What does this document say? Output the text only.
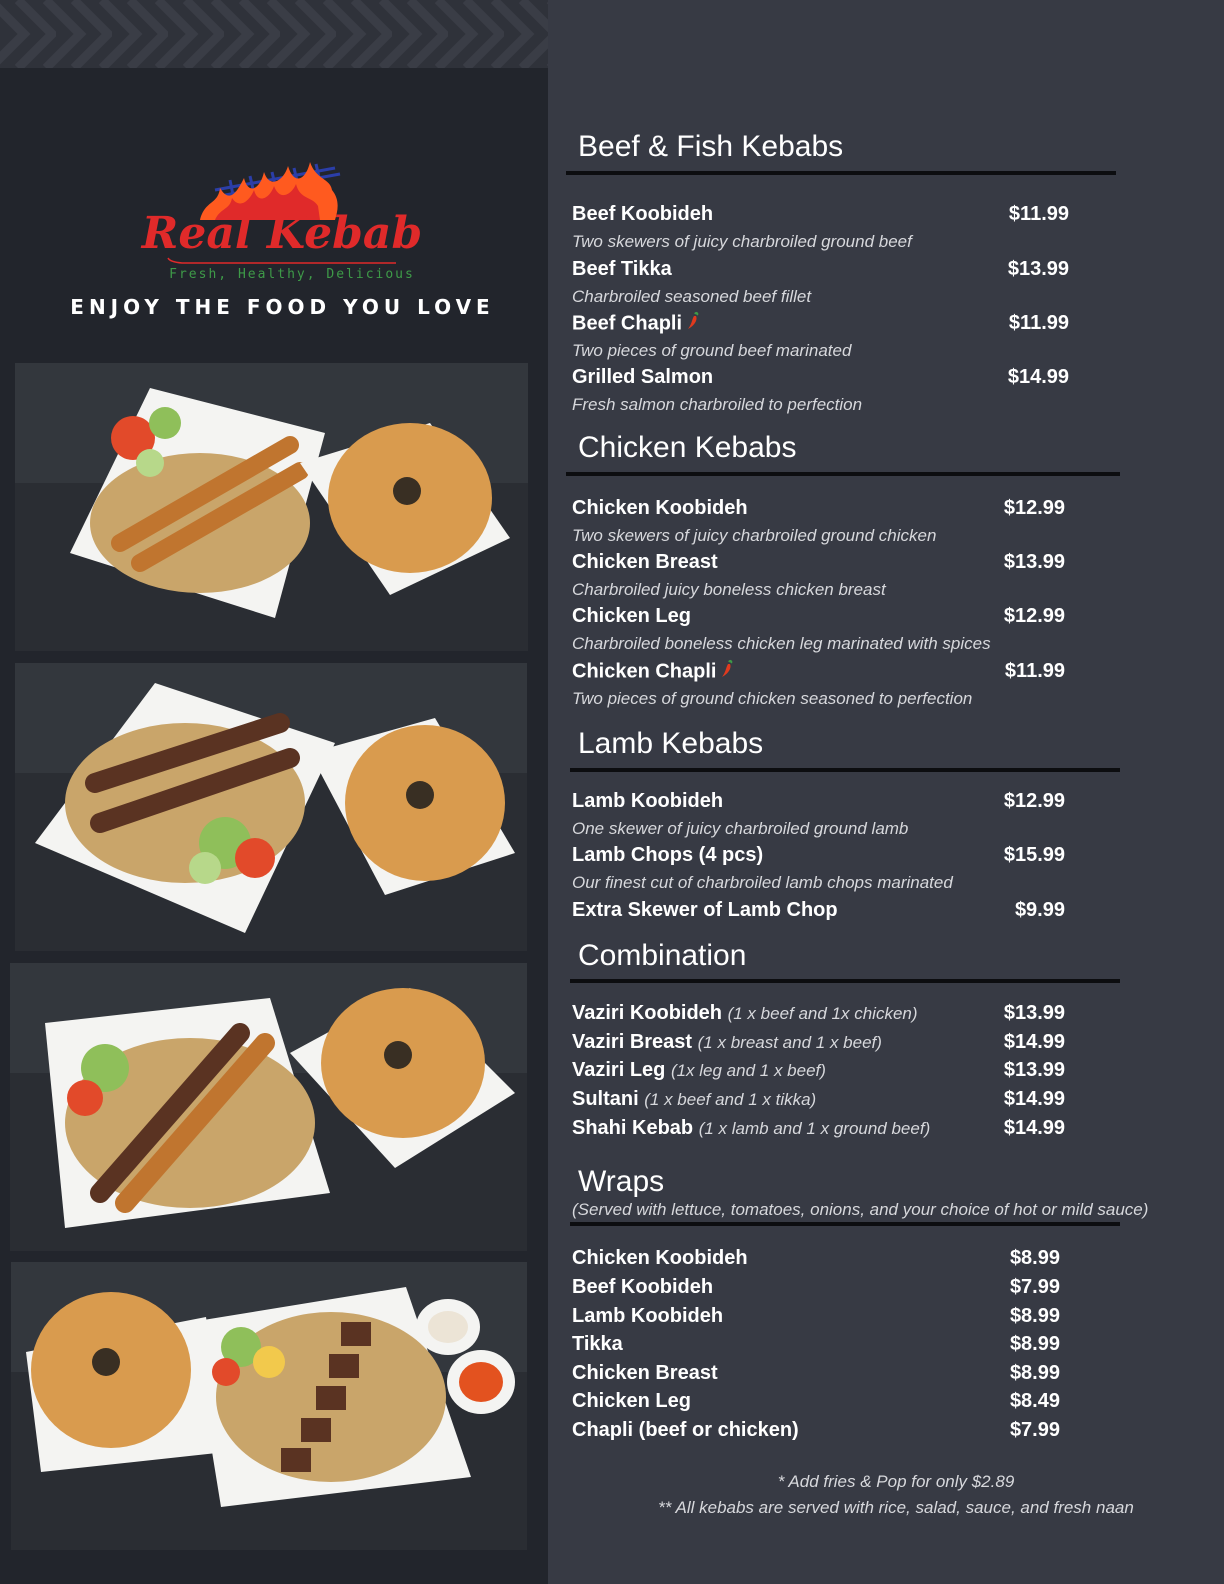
Real Kebab
Fresh, Healthy, Delicious
ENJOY THE FOOD YOU LOVE
Beef & Fish Kebabs
Beef Koobideh	$11.99
Two skewers of juicy charbroiled ground beef
Beef Tikka	$13.99
Charbroiled seasoned beef fillet
Beef Chapli	$11.99
Two pieces of ground beef marinated
Grilled Salmon	$14.99
Fresh salmon charbroiled to perfection
Chicken Kebabs
Chicken Koobideh	$12.99
Two skewers of juicy charbroiled ground chicken
Chicken Breast	$13.99
Charbroiled juicy boneless chicken breast
Chicken Leg	$12.99
Charbroiled boneless chicken leg marinated with spices
Chicken Chapli	$11.99
Two pieces of ground chicken seasoned to perfection
Lamb Kebabs
Lamb Koobideh	$12.99
One skewer of juicy charbroiled ground lamb
Lamb Chops (4 pcs)	$15.99
Our finest cut of charbroiled lamb chops marinated
Extra Skewer of Lamb Chop	$9.99
Combination
Vaziri Koobideh (1 x beef and 1x chicken)	$13.99
Vaziri Breast (1 x breast and 1 x beef)	$14.99
Vaziri Leg (1x leg and 1 x beef)	$13.99
Sultani (1 x beef and 1 x tikka)	$14.99
Shahi Kebab (1 x lamb and 1 x ground beef)	$14.99
Wraps
(Served with lettuce, tomatoes, onions, and your choice of hot or mild sauce)
Chicken Koobideh	$8.99
Beef Koobideh	$7.99
Lamb Koobideh	$8.99
Tikka	$8.99
Chicken Breast	$8.99
Chicken Leg	$8.49
Chapli (beef or chicken)	$7.99
* Add fries & Pop for only $2.89
** All kebabs are served with rice, salad, sauce, and fresh naan
